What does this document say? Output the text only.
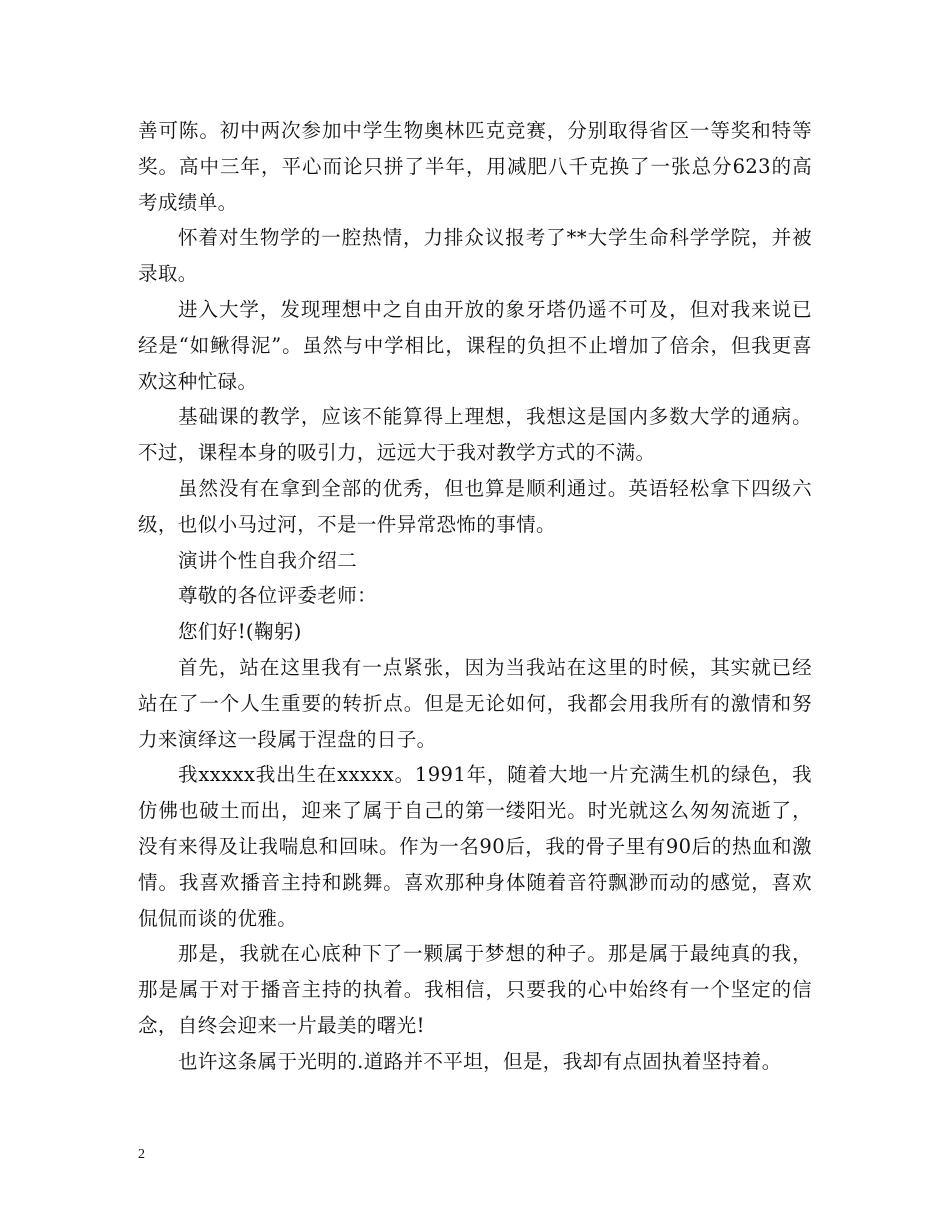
善可陈。初中两次参加中学生物奥林匹克竞赛，分别取得省区一等奖和特等奖。高中三年，平心而论只拼了半年，用减肥八千克换了一张总分623的高考成绩单。

怀着对生物学的一腔热情，力排众议报考了**大学生命科学学院，并被录取。

进入大学，发现理想中之自由开放的象牙塔仍遥不可及，但对我来说已经是“如鳅得泥”。虽然与中学相比，课程的负担不止增加了倍余，但我更喜欢这种忙碌。

基础课的教学，应该不能算得上理想，我想这是国内多数大学的通病。不过，课程本身的吸引力，远远大于我对教学方式的不满。

虽然没有在拿到全部的优秀，但也算是顺利通过。英语轻松拿下四级六级，也似小马过河，不是一件异常恐怖的事情。

演讲个性自我介绍二

尊敬的各位评委老师：

您们好!(鞠躬)

首先，站在这里我有一点紧张，因为当我站在这里的时候，其实就已经站在了一个人生重要的转折点。但是无论如何，我都会用我所有的激情和努力来演绎这一段属于涅盘的日子。

我xxxxx我出生在xxxxx。1991年，随着大地一片充满生机的绿色，我仿佛也破土而出，迎来了属于自己的第一缕阳光。时光就这么匆匆流逝了，没有来得及让我喘息和回味。作为一名90后，我的骨子里有90后的热血和激情。我喜欢播音主持和跳舞。喜欢那种身体随着音符飘渺而动的感觉，喜欢侃侃而谈的优雅。

那是，我就在心底种下了一颗属于梦想的种子。那是属于最纯真的我，那是属于对于播音主持的执着。我相信，只要我的心中始终有一个坚定的信念，自终会迎来一片最美的曙光!

也许这条属于光明的.道路并不平坦，但是，我却有点固执着坚持着。

2
